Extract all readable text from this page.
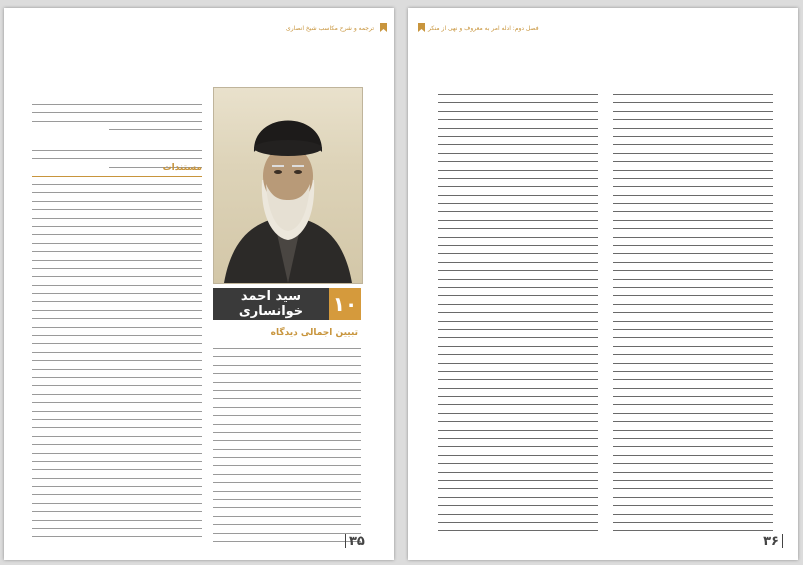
ترجمه و شرح مکاسب شیخ انصاری
مستندات
۱۰
سید احمد خوانساری
تبیین اجمالی دیدگاه
۳۵
فصل دوم: ادله امر به معروف و نهی از منکر
۳۶
